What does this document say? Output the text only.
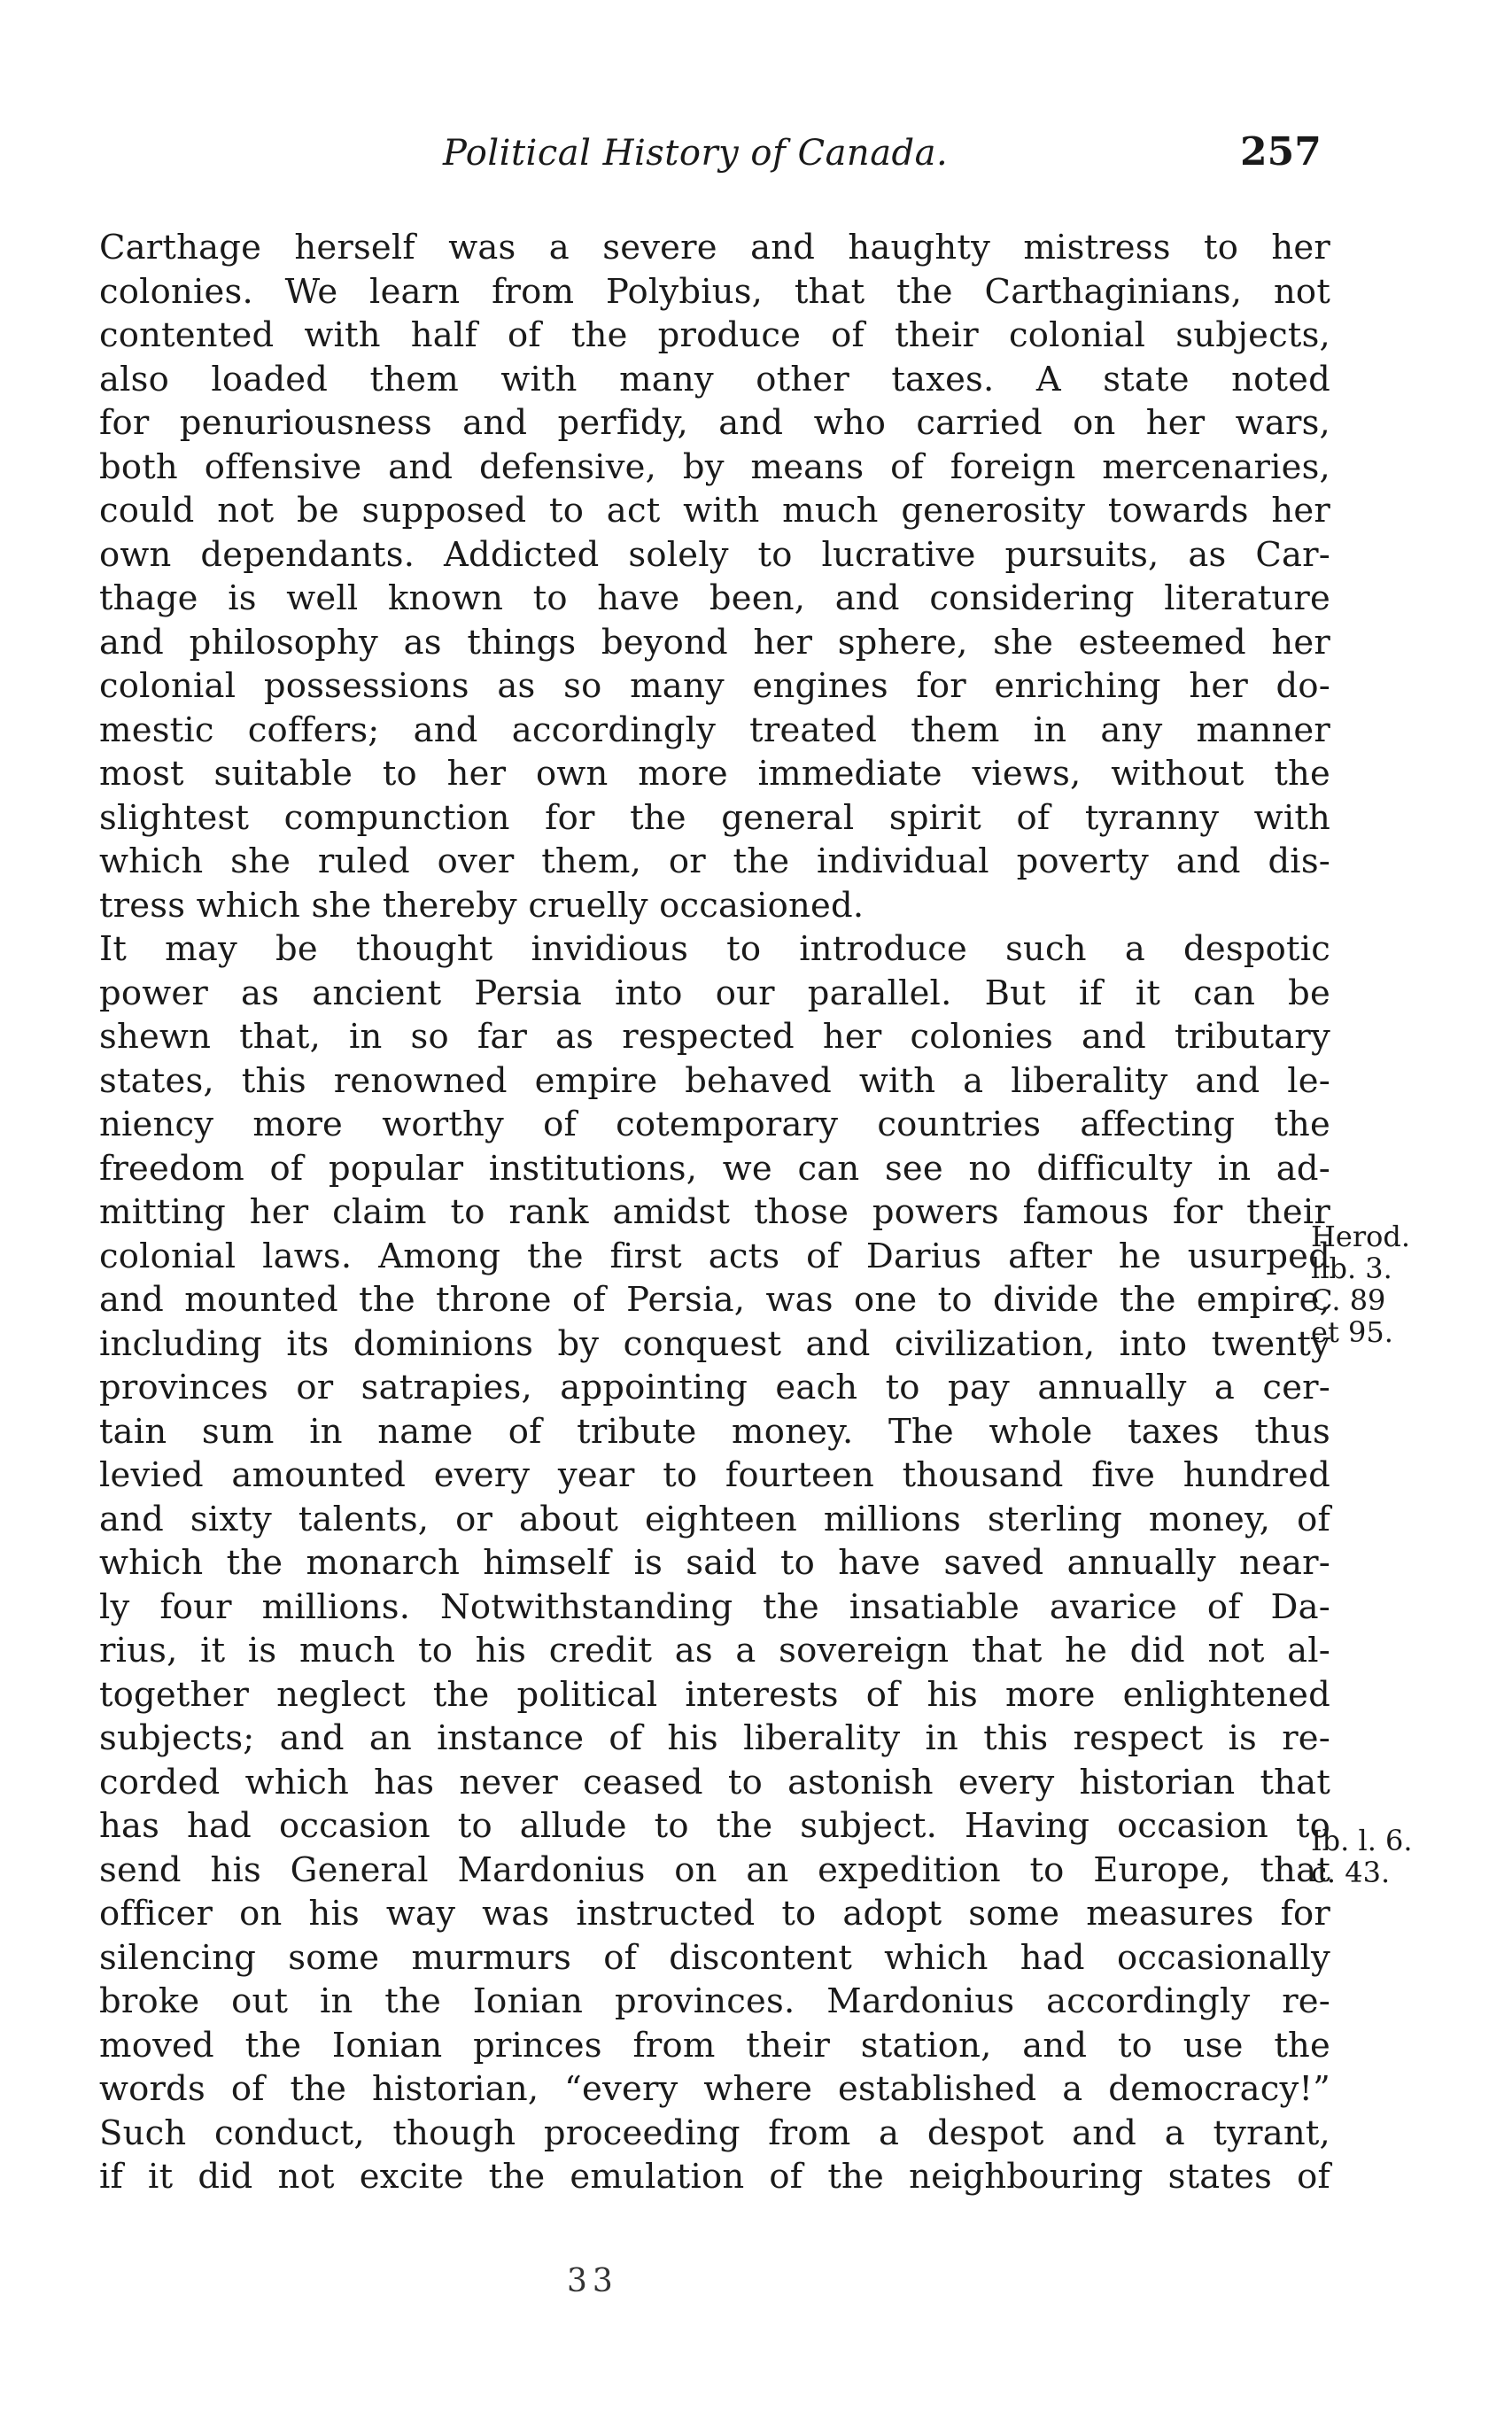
Political History of Canada.	257
Carthage herself was a severe and haughty mistress to her
colonies. We learn from Polybius, that the Carthaginians, not
contented with half of the produce of their colonial subjects,
also loaded them with many other taxes. A state noted
for penuriousness and perfidy, and who carried on her wars,
both offensive and defensive, by means of foreign mercenaries,
could not be supposed to act with much generosity towards her
own dependants. Addicted solely to lucrative pursuits, as Car-
thage is well known to have been, and considering literature
and philosophy as things beyond her sphere, she esteemed her
colonial possessions as so many engines for enriching her do-
mestic coffers; and accordingly treated them in any manner
most suitable to her own more immediate views, without the
slightest compunction for the general spirit of tyranny with
which she ruled over them, or the individual poverty and dis-
tress which she thereby cruelly occasioned.
It may be thought invidious to introduce such a despotic
power as ancient Persia into our parallel. But if it can be
shewn that, in so far as respected her colonies and tributary
states, this renowned empire behaved with a liberality and le-
niency more worthy of cotemporary countries affecting the
freedom of popular institutions, we can see no difficulty in ad-
mitting her claim to rank amidst those powers famous for their
colonial laws. Among the first acts of Darius after he usurped
and mounted the throne of Persia, was one to divide the empire,
including its dominions by conquest and civilization, into twenty
provinces or satrapies, appointing each to pay annually a cer-
tain sum in name of tribute money. The whole taxes thus
levied amounted every year to fourteen thousand five hundred
and sixty talents, or about eighteen millions sterling money, of
which the monarch himself is said to have saved annually near-
ly four millions. Notwithstanding the insatiable avarice of Da-
rius, it is much to his credit as a sovereign that he did not al-
together neglect the political interests of his more enlightened
subjects; and an instance of his liberality in this respect is re-
corded which has never ceased to astonish every historian that
has had occasion to allude to the subject. Having occasion to
send his General Mardonius on an expedition to Europe, that
officer on his way was instructed to adopt some measures for
silencing some murmurs of discontent which had occasionally
broke out in the Ionian provinces. Mardonius accordingly re-
moved the Ionian princes from their station, and to use the
words of the historian, “every where established a democracy!”
Such conduct, though proceeding from a despot and a tyrant,
if it did not excite the emulation of the neighbouring states of
Herod.
lib. 3.
C. 89
et 95.
Ib. l. 6.
c. 43.
33
